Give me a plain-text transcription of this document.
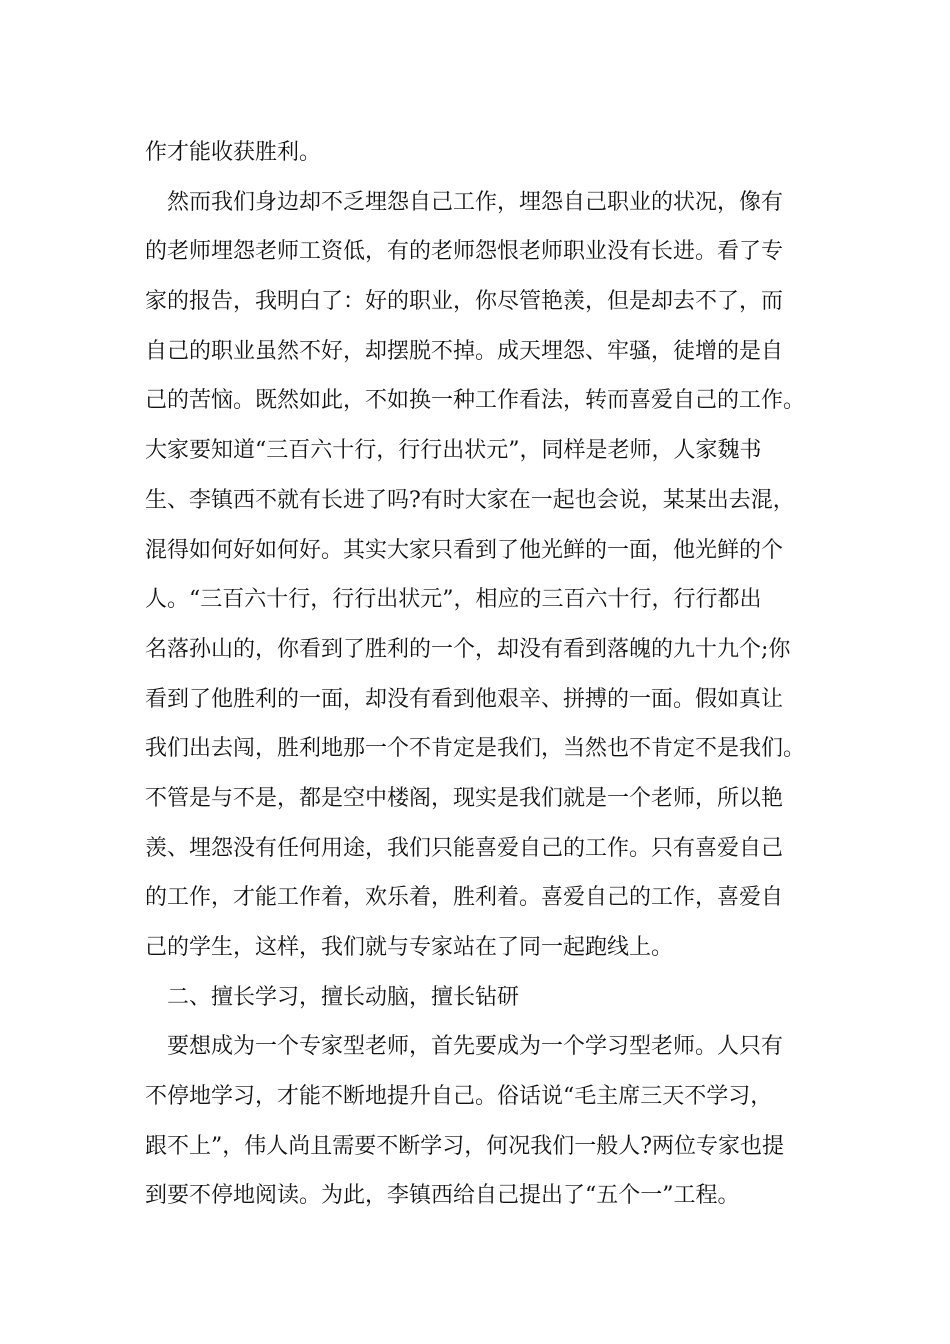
作才能收获胜利。
然而我们身边却不乏埋怨自己工作，埋怨自己职业的状况，像有
的老师埋怨老师工资低，有的老师怨恨老师职业没有长进。看了专
家的报告，我明白了：好的职业，你尽管艳羡，但是却去不了，而
自己的职业虽然不好，却摆脱不掉。成天埋怨、牢骚，徒增的是自
己的苦恼。既然如此，不如换一种工作看法，转而喜爱自己的工作。
大家要知道“三百六十行，行行出状元”，同样是老师，人家魏书
生、李镇西不就有长进了吗?有时大家在一起也会说，某某出去混，
混得如何好如何好。其实大家只看到了他光鲜的一面，他光鲜的个
人。“三百六十行，行行出状元”，相应的三百六十行，行行都出
名落孙山的，你看到了胜利的一个，却没有看到落魄的九十九个;你
看到了他胜利的一面，却没有看到他艰辛、拼搏的一面。假如真让
我们出去闯，胜利地那一个不肯定是我们，当然也不肯定不是我们。
不管是与不是，都是空中楼阁，现实是我们就是一个老师，所以艳
羡、埋怨没有任何用途，我们只能喜爱自己的工作。只有喜爱自己
的工作，才能工作着，欢乐着，胜利着。喜爱自己的工作，喜爱自
己的学生，这样，我们就与专家站在了同一起跑线上。
二、擅长学习，擅长动脑，擅长钻研
要想成为一个专家型老师，首先要成为一个学习型老师。人只有
不停地学习，才能不断地提升自己。俗话说“毛主席三天不学习，
跟不上”，伟人尚且需要不断学习，何况我们一般人?两位专家也提
到要不停地阅读。为此，李镇西给自己提出了“五个一”工程。
